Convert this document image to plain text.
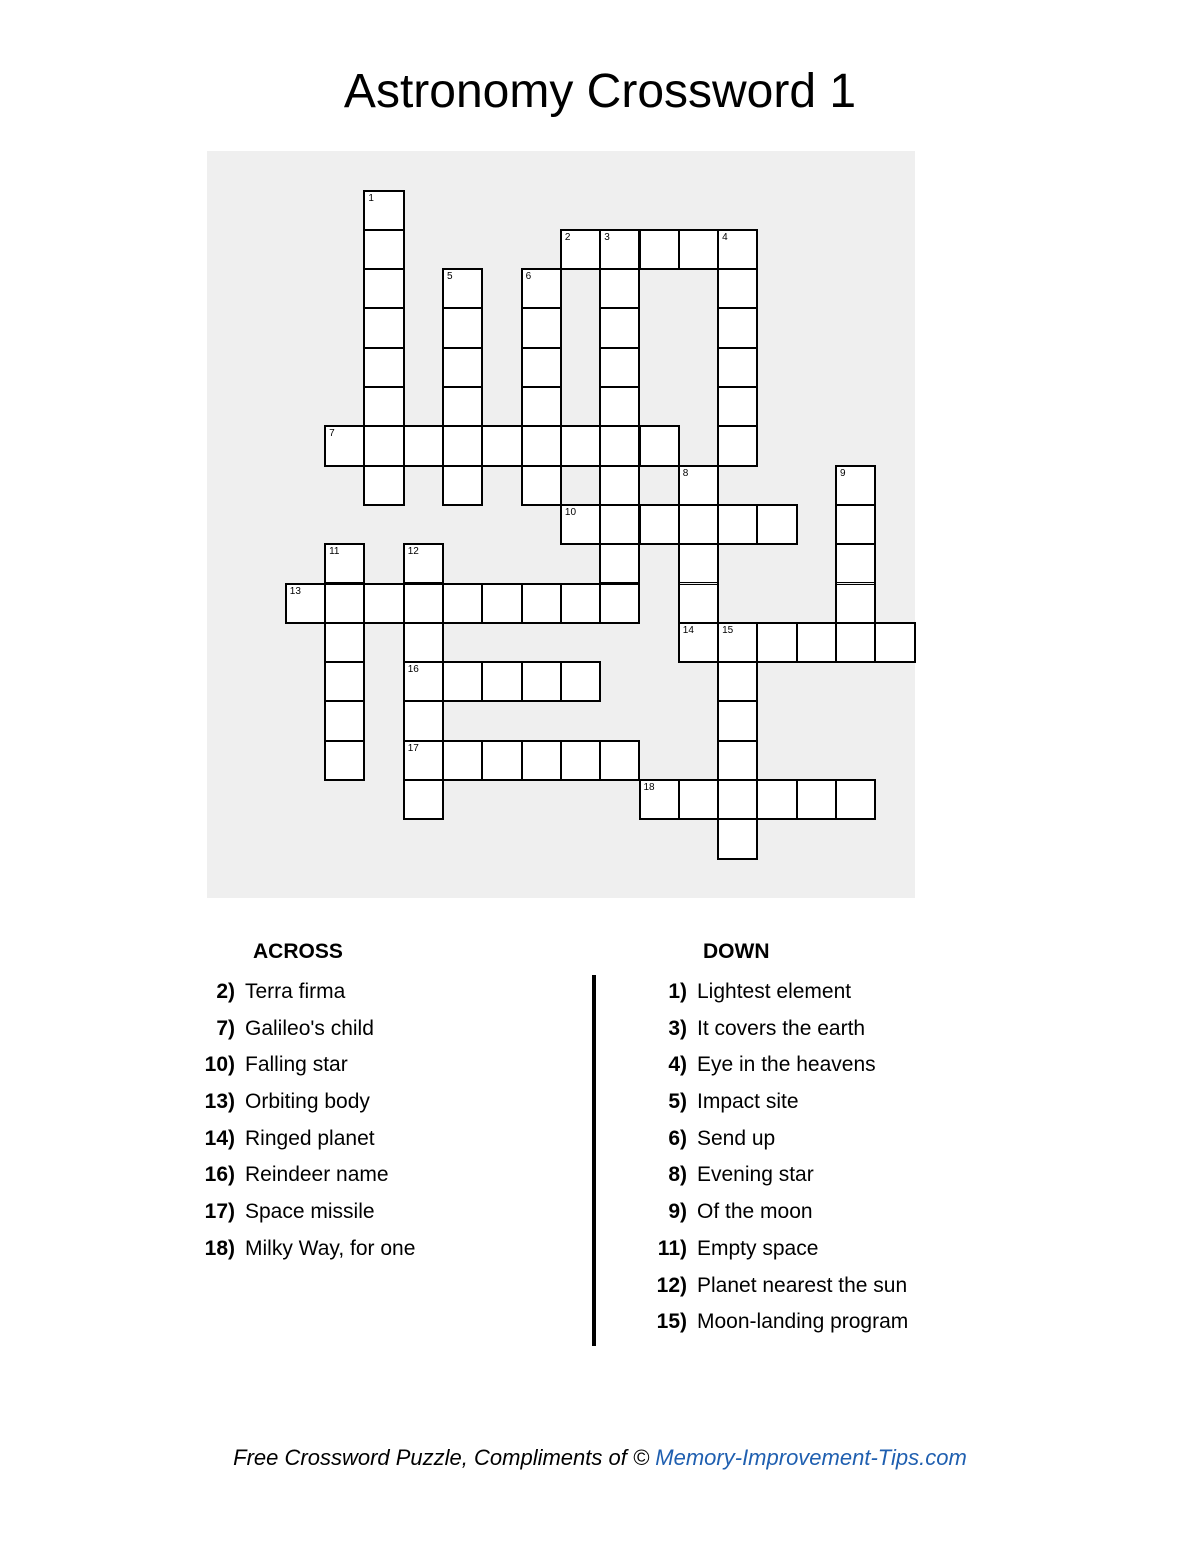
Astronomy Crossword 1
1
2	3	4
5	6
7
8	9
10
11	12
13
14	15
16
17
18
ACROSS
2) Terra firma
7) Galileo's child
10) Falling star
13) Orbiting body
14) Ringed planet
16) Reindeer name
17) Space missile
18) Milky Way, for one
DOWN
1) Lightest element
3) It covers the earth
4) Eye in the heavens
5) Impact site
6) Send up
8) Evening star
9) Of the moon
11) Empty space
12) Planet nearest the sun
15) Moon-landing program
Free Crossword Puzzle, Compliments of © Memory-Improvement-Tips.com
